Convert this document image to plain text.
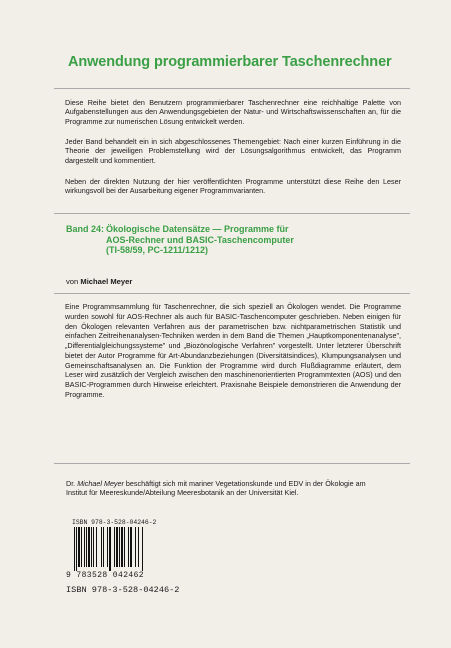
Anwendung programmierbarer Taschenrechner

Diese Reihe bietet den Benutzern programmierbarer Taschenrechner eine reichhaltige Palette von Aufgabenstellungen aus den Anwendungsgebieten der Natur- und Wirtschaftswissenschaften an, für die Programme zur numerischen Lösung entwickelt werden.

Jeder Band behandelt ein in sich abgeschlossenes Themengebiet: Nach einer kurzen Einführung in die Theorie der jeweiligen Problemstellung wird der Lösungsalgorithmus entwickelt, das Programm dargestellt und kommentiert.

Neben der direkten Nutzung der hier veröffentlichten Programme unterstützt diese Reihe den Leser wirkungsvoll bei der Ausarbeitung eigener Programmvarianten.

Band 24: Ökologische Datensätze — Programme für
AOS-Rechner und BASIC-Taschencomputer
(TI-58/59, PC-1211/1212)
von Michael Meyer

Eine Programmsammlung für Taschenrechner, die sich speziell an Ökologen wendet. Die Programme wurden sowohl für AOS-Rechner als auch für BASIC-Taschencomputer geschrieben. Neben einigen für den Ökologen relevanten Verfahren aus der parametrischen bzw. nichtparametrischen Statistik und einfachen Zeitreihenanalysen-Techniken werden in dem Band die Themen „Hauptkomponentenanalyse", „Differentialgleichungssysteme" und „Biozönologische Verfahren" vorgestellt. Unter letzterer Überschrift bietet der Autor Programme für Art-Abundanzbeziehungen (Diversitätsindices), Klumpungsanalysen und Gemeinschaftsanalysen an. Die Funktion der Programme wird durch Flußdiagramme erläutert, dem Leser wird zusätzlich der Vergleich zwischen den maschinenorientierten Programmtexten (AOS) und den BASIC-Programmen durch Hinweise erleichtert. Praxisnahe Beispiele demonstrieren die Anwendung der Programme.

Dr. Michael Meyer beschäftigt sich mit mariner Vegetationskunde und EDV in der Ökologie am Institut für Meereskunde/Abteilung Meeresbotanik an der Universität Kiel.

ISBN 978-3-528-04246-2
9 783528 042462
ISBN 978-3-528-04246-2
